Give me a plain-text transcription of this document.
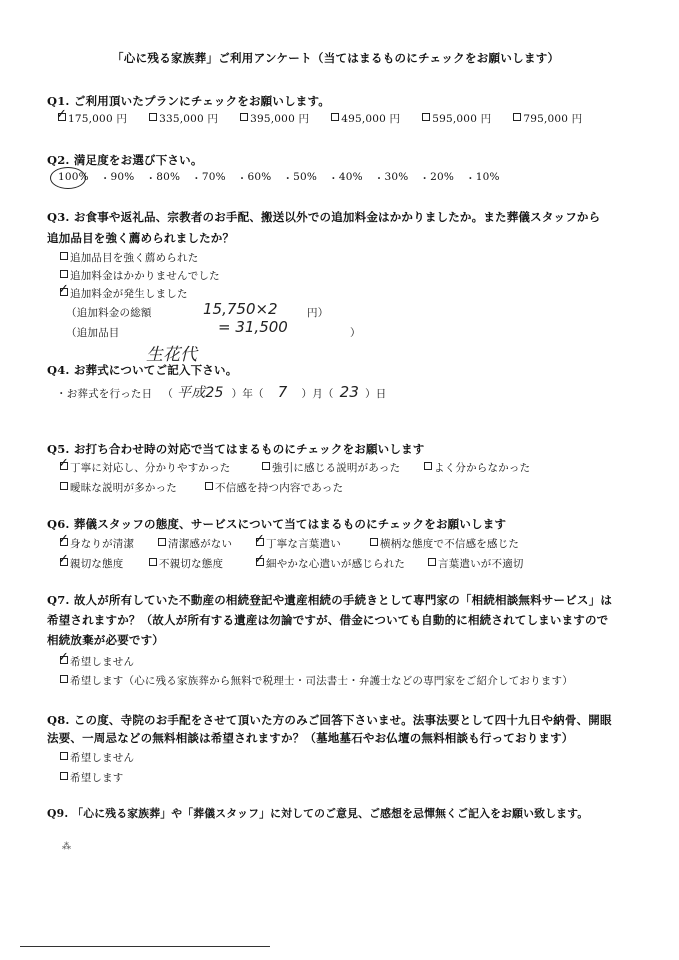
「心に残る家族葬」ご利用アンケート（当てはまるものにチェックをお願いします）
Q1. ご利用頂いたプランにチェックをお願いします。
✓175,000 円	335,000 円	395,000 円	495,000 円	595,000 円	795,000 円
Q2. 満足度をお選び下さい。
100% ・ 90% ・ 80% ・ 70% ・ 60% ・ 50% ・ 40% ・ 30% ・ 20% ・ 10%
Q3. お食事や返礼品、宗教者のお手配、搬送以外での追加料金はかかりましたか。また葬儀スタッフから
追加品目を強く薦められましたか？
追加品目を強く薦められた
追加料金はかかりませんでした
✓追加料金が発生しました
（追加料金の総額	15,750×2	円）
= 31,500
（追加品目	）
生花代
Q4. お葬式についてご記入下さい。
・お葬式を行った日 （ 平成25 ）年（ 7 ）月（ 23 ）日
Q5. お打ち合わせ時の対応で当てはまるものにチェックをお願いします
✓丁寧に対応し、分かりやすかった	強引に感じる説明があった	よく分からなかった
曖昧な説明が多かった	不信感を持つ内容であった
Q6. 葬儀スタッフの態度、サービスについて当てはまるものにチェックをお願いします
✓身なりが清潔	清潔感がない ✓	丁寧な言葉遣い	横柄な態度で不信感を感じた
✓親切な態度	不親切な態度 ✓	細やかな心遣いが感じられた	言葉遣いが不適切
Q7. 故人が所有していた不動産の相続登記や遺産相続の手続きとして専門家の「相続相談無料サービス」は
希望されますか？（故人が所有する遺産は勿論ですが、借金についても自動的に相続されてしまいますので
相続放棄が必要です）
✓希望しません
希望します（心に残る家族葬から無料で税理士・司法書士・弁護士などの専門家をご紹介しております）
Q8. この度、寺院のお手配をさせて頂いた方のみご回答下さいませ。法事法要として四十九日や納骨、開眼
法要、一周忌などの無料相談は希望されますか？（墓地墓石やお仏壇の無料相談も行っております）
希望しません
希望します
Q9. 「心に残る家族葬」や「葬儀スタッフ」に対してのご意見、ご感想を忌憚無くご記入をお願い致します。
⁂
